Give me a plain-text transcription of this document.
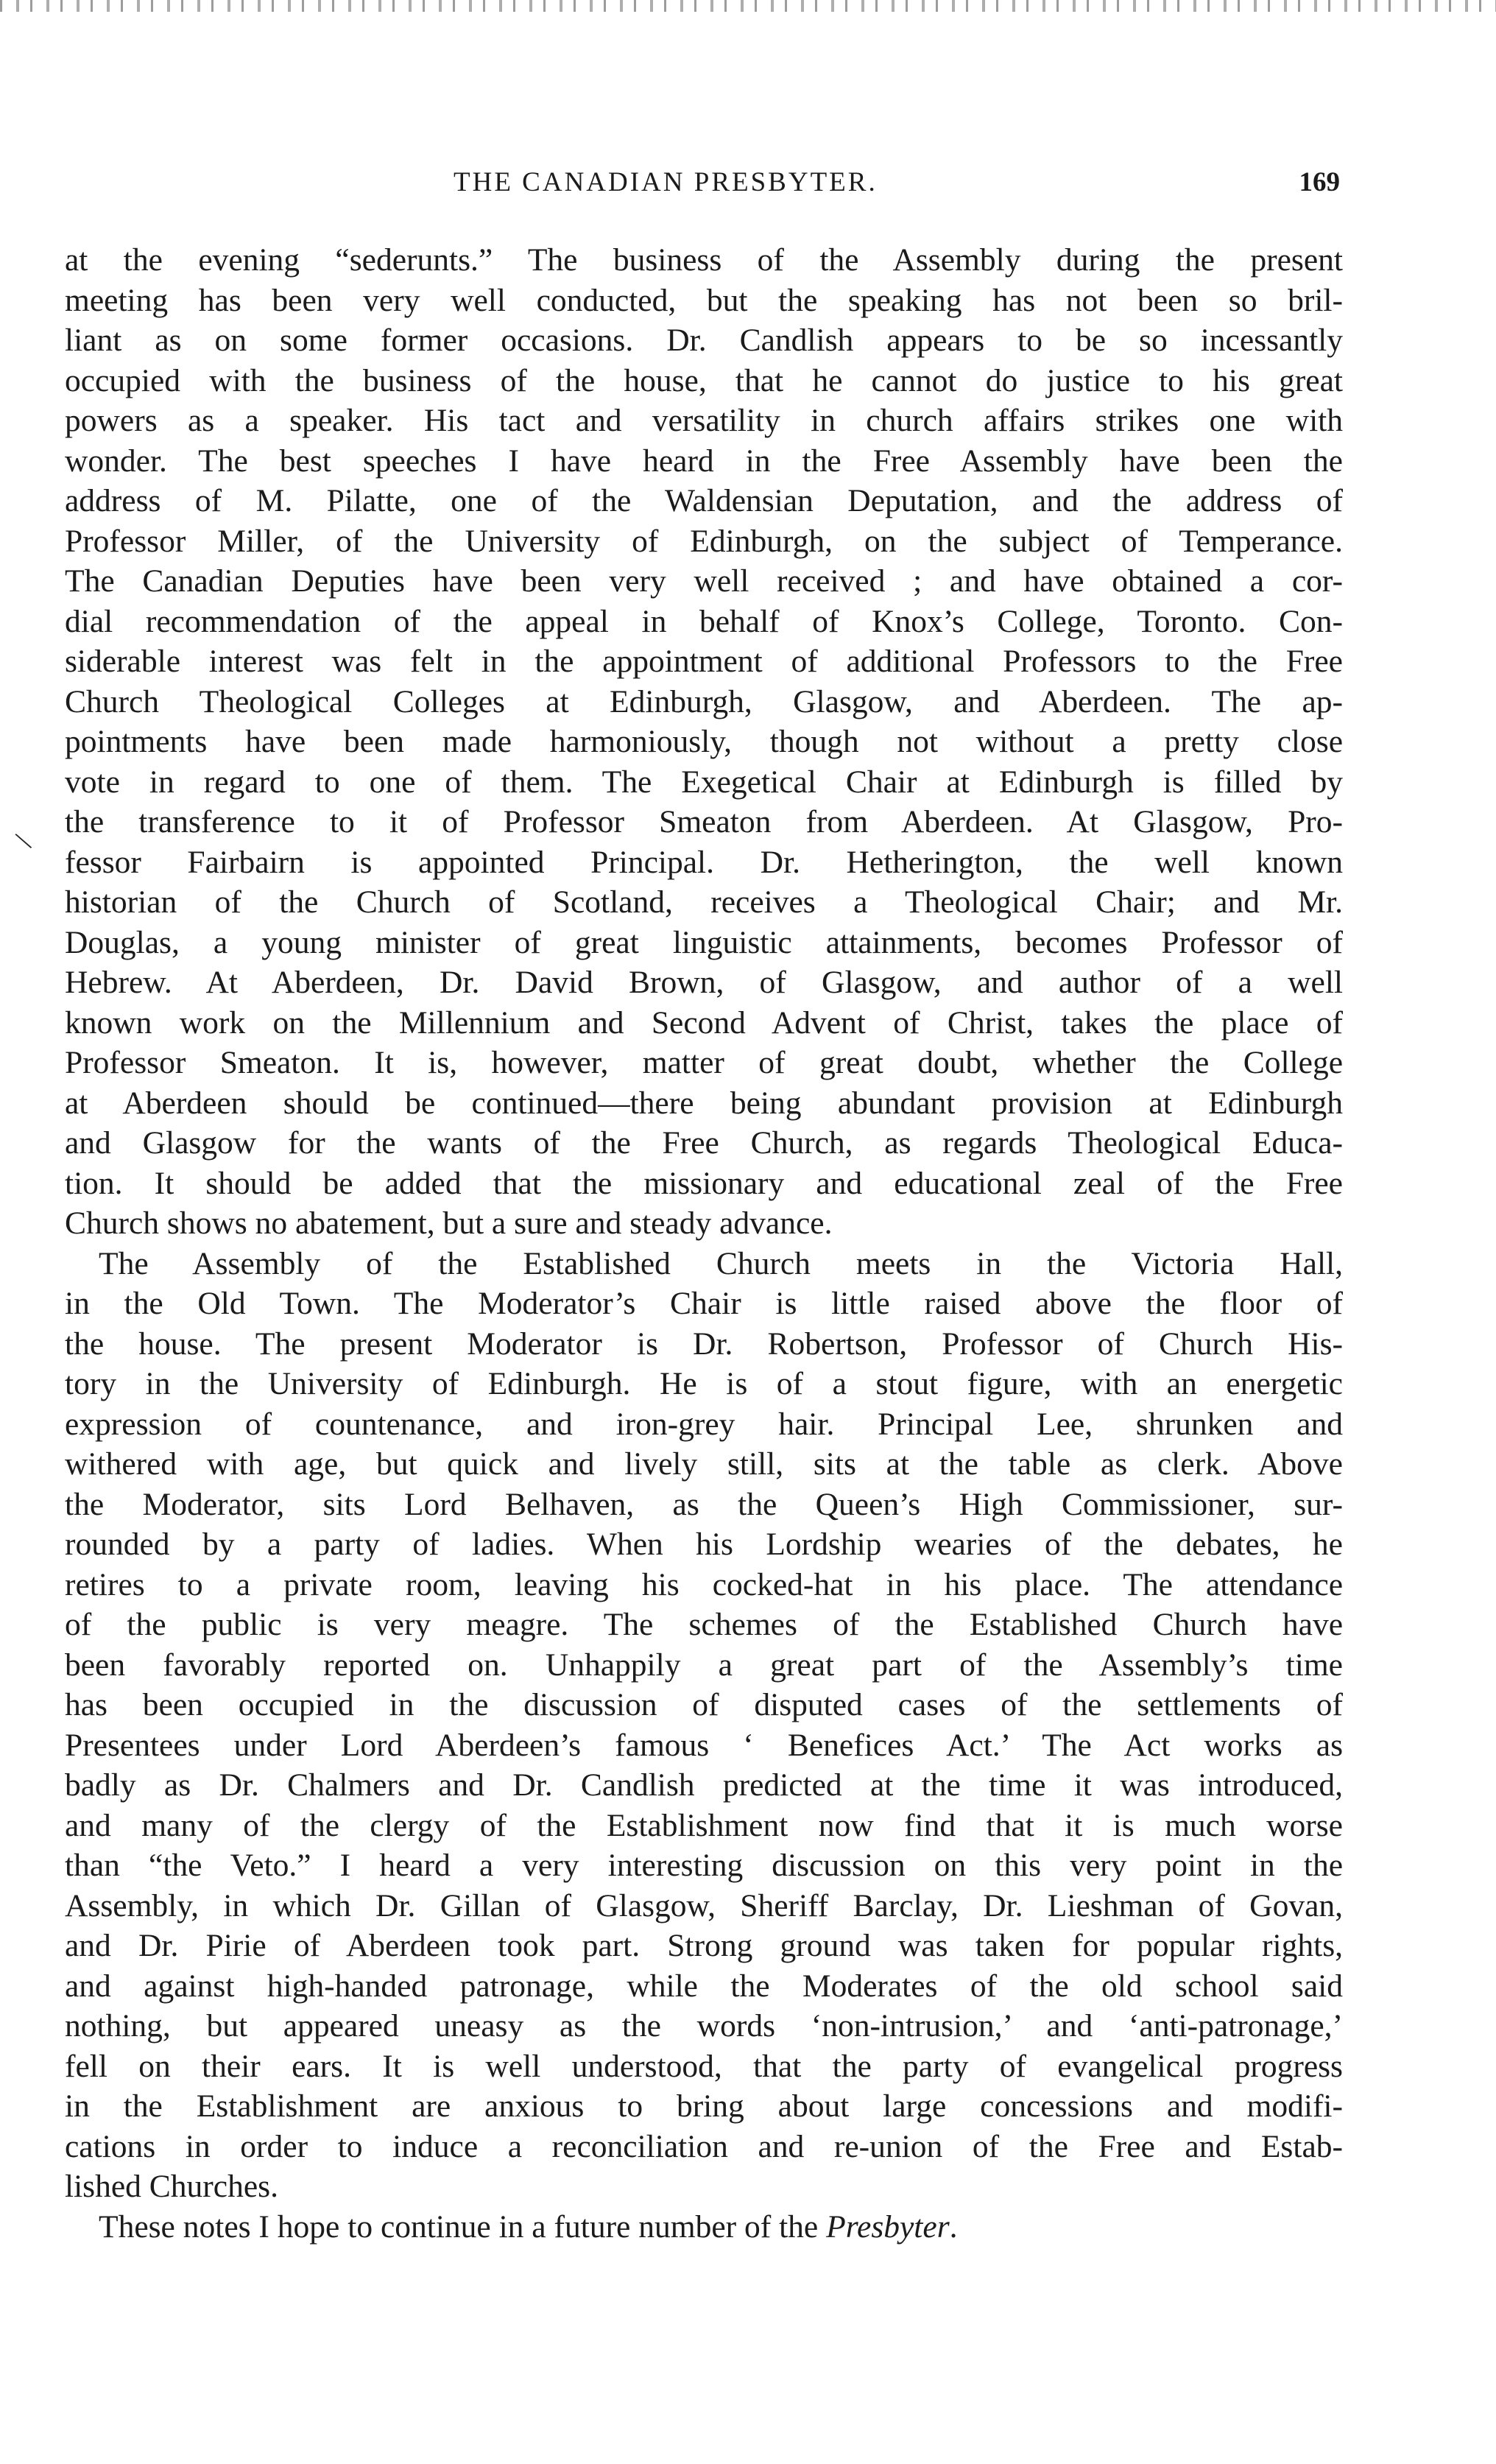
\
THE CANADIAN PRESBYTER.	169
at the evening “sederunts.” The business of the Assembly during the present
meeting has been very well conducted, but the speaking has not been so bril-
liant as on some former occasions. Dr. Candlish appears to be so incessantly
occupied with the business of the house, that he cannot do justice to his great
powers as a speaker. His tact and versatility in church affairs strikes one with
wonder. The best speeches I have heard in the Free Assembly have been the
address of M. Pilatte, one of the Waldensian Deputation, and the address of
Professor Miller, of the University of Edinburgh, on the subject of Temperance.
The Canadian Deputies have been very well received ; and have obtained a cor-
dial recommendation of the appeal in behalf of Knox’s College, Toronto. Con-
siderable interest was felt in the appointment of additional Professors to the Free
Church Theological Colleges at Edinburgh, Glasgow, and Aberdeen. The ap-
pointments have been made harmoniously, though not without a pretty close
vote in regard to one of them. The Exegetical Chair at Edinburgh is filled by
the transference to it of Professor Smeaton from Aberdeen. At Glasgow, Pro-
fessor Fairbairn is appointed Principal. Dr. Hetherington, the well known
historian of the Church of Scotland, receives a Theological Chair; and Mr.
Douglas, a young minister of great linguistic attainments, becomes Professor of
Hebrew. At Aberdeen, Dr. David Brown, of Glasgow, and author of a well
known work on the Millennium and Second Advent of Christ, takes the place of
Professor Smeaton. It is, however, matter of great doubt, whether the College
at Aberdeen should be continued—there being abundant provision at Edinburgh
and Glasgow for the wants of the Free Church, as regards Theological Educa-
tion. It should be added that the missionary and educational zeal of the Free
Church shows no abatement, but a sure and steady advance.
The Assembly of the Established Church meets in the Victoria Hall,
in the Old Town. The Moderator’s Chair is little raised above the floor of
the house. The present Moderator is Dr. Robertson, Professor of Church His-
tory in the University of Edinburgh. He is of a stout figure, with an energetic
expression of countenance, and iron-grey hair. Principal Lee, shrunken and
withered with age, but quick and lively still, sits at the table as clerk. Above
the Moderator, sits Lord Belhaven, as the Queen’s High Commissioner, sur-
rounded by a party of ladies. When his Lordship wearies of the debates, he
retires to a private room, leaving his cocked-hat in his place. The attendance
of the public is very meagre. The schemes of the Established Church have
been favorably reported on. Unhappily a great part of the Assembly’s time
has been occupied in the discussion of disputed cases of the settlements of
Presentees under Lord Aberdeen’s famous ‘ Benefices Act.’ The Act works as
badly as Dr. Chalmers and Dr. Candlish predicted at the time it was introduced,
and many of the clergy of the Establishment now find that it is much worse
than “the Veto.” I heard a very interesting discussion on this very point in the
Assembly, in which Dr. Gillan of Glasgow, Sheriff Barclay, Dr. Lieshman of Govan,
and Dr. Pirie of Aberdeen took part. Strong ground was taken for popular rights,
and against high-handed patronage, while the Moderates of the old school said
nothing, but appeared uneasy as the words ‘non-intrusion,’ and ‘anti-patronage,’
fell on their ears. It is well understood, that the party of evangelical progress
in the Establishment are anxious to bring about large concessions and modifi-
cations in order to induce a reconciliation and re-union of the Free and Estab-
lished Churches.
These notes I hope to continue in a future number of the Presbyter.
